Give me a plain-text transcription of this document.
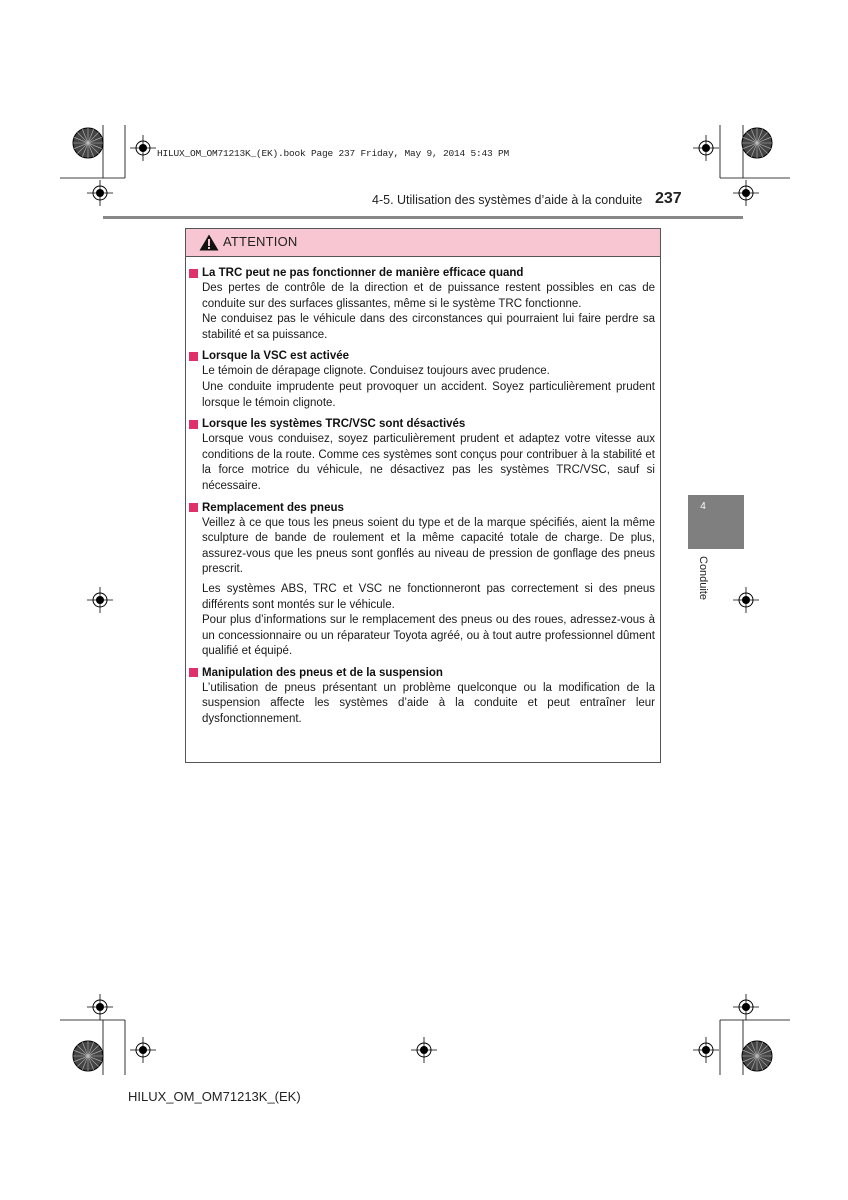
HILUX_OM_OM71213K_(EK).book Page 237 Friday, May 9, 2014 5:43 PM
4-5. Utilisation des systèmes d’aide à la conduite 237
4
Conduite
ATTENTION
La TRC peut ne pas fonctionner de manière efficace quand

Des pertes de contrôle de la direction et de puissance restent possibles en cas de conduite sur des surfaces glissantes, même si le système TRC fonctionne.

Ne conduisez pas le véhicule dans des circonstances qui pourraient lui faire perdre sa stabilité et sa puissance.

Lorsque la VSC est activée

Le témoin de dérapage clignote. Conduisez toujours avec prudence.

Une conduite imprudente peut provoquer un accident. Soyez particulièrement prudent lorsque le témoin clignote.

Lorsque les systèmes TRC/VSC sont désactivés

Lorsque vous conduisez, soyez particulièrement prudent et adaptez votre vitesse aux conditions de la route. Comme ces systèmes sont conçus pour contribuer à la stabilité et la force motrice du véhicule, ne désactivez pas les systèmes TRC/VSC, sauf si nécessaire.

Remplacement des pneus

Veillez à ce que tous les pneus soient du type et de la marque spécifiés, aient la même sculpture de bande de roulement et la même capacité totale de charge. De plus, assurez-vous que les pneus sont gonflés au niveau de pression de gonflage des pneus prescrit.

Les systèmes ABS, TRC et VSC ne fonctionneront pas correctement si des pneus différents sont montés sur le véhicule.

Pour plus d’informations sur le remplacement des pneus ou des roues, adressez-vous à un concessionnaire ou un réparateur Toyota agréé, ou à tout autre professionnel dûment qualifié et équipé.

Manipulation des pneus et de la suspension

L’utilisation de pneus présentant un problème quelconque ou la modification de la suspension affecte les systèmes d’aide à la conduite et peut entraîner leur dysfonctionnement.

HILUX_OM_OM71213K_(EK)
